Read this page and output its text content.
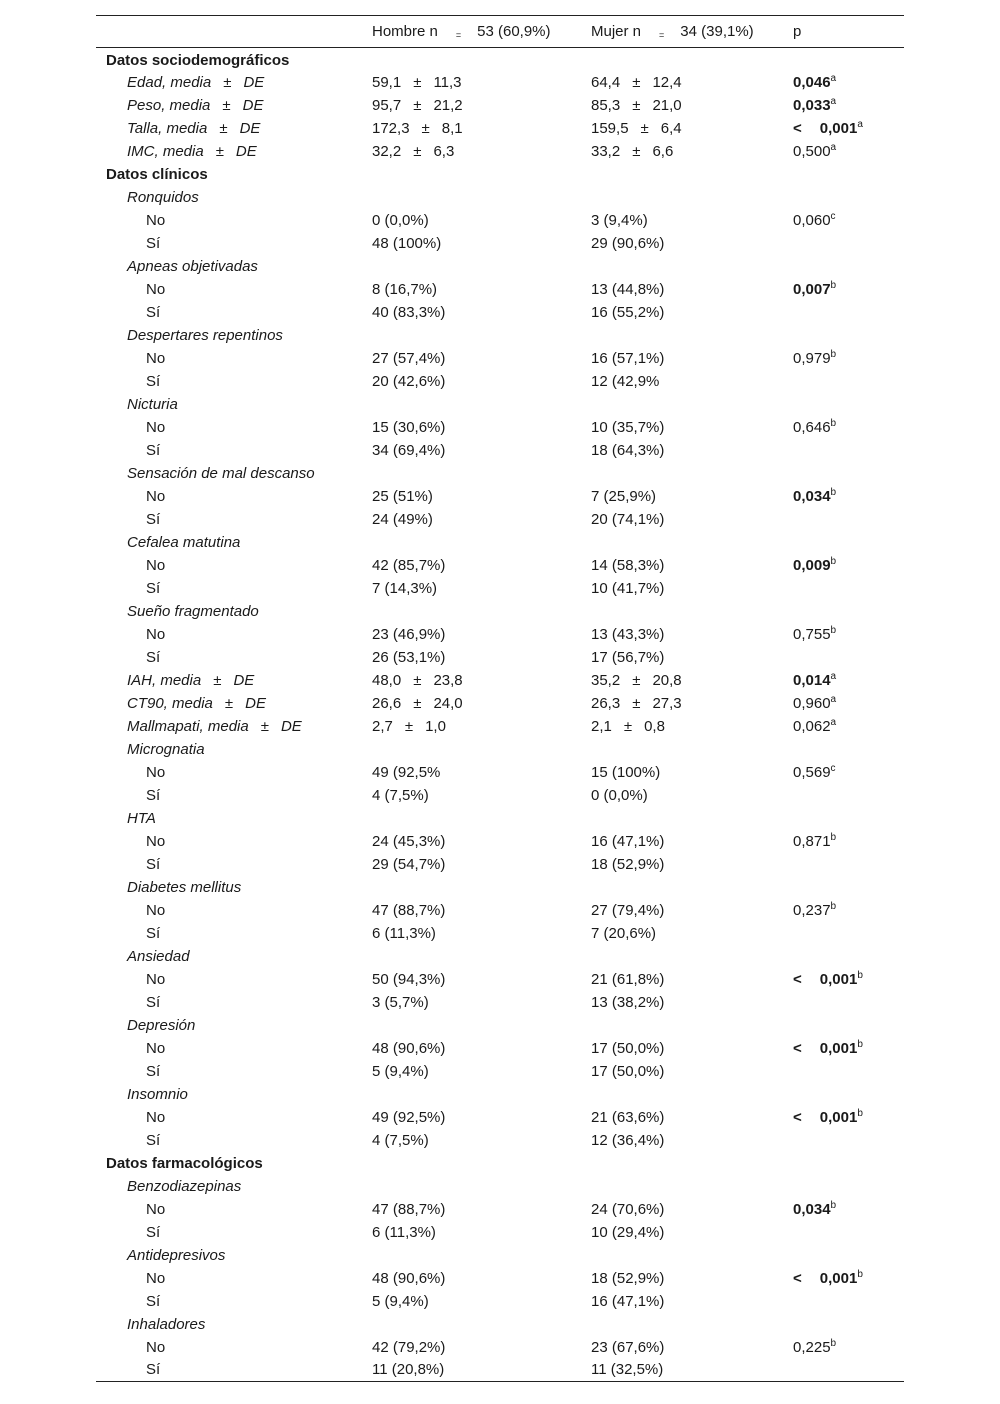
	Hombre n = 53 (60,9%)	Mujer n = 34 (39,1%)	p
Datos sociodemográficos			
Edad, media ± DE	59,1 ± 11,3	64,4 ± 12,4	0,046$^a$
Peso, media ± DE	95,7 ± 21,2	85,3 ± 21,0	0,033$^a$
Talla, media ± DE	172,3 ± 8,1	159,5 ± 6,4	< 0,001$^a$
IMC, media ± DE	32,2 ± 6,3	33,2 ± 6,6	0,500$^a$
Datos clínicos			
Ronquidos			
No	0 (0,0%)	3 (9,4%)	0,060$^c$
Sí	48 (100%)	29 (90,6%)	
Apneas objetivadas			
No	8 (16,7%)	13 (44,8%)	0,007$^b$
Sí	40 (83,3%)	16 (55,2%)	
Despertares repentinos			
No	27 (57,4%)	16 (57,1%)	0,979$^b$
Sí	20 (42,6%)	12 (42,9%	
Nicturia			
No	15 (30,6%)	10 (35,7%)	0,646$^b$
Sí	34 (69,4%)	18 (64,3%)	
Sensación de mal descanso			
No	25 (51%)	7 (25,9%)	0,034$^b$
Sí	24 (49%)	20 (74,1%)	
Cefalea matutina			
No	42 (85,7%)	14 (58,3%)	0,009$^b$
Sí	7 (14,3%)	10 (41,7%)	
Sueño fragmentado			
No	23 (46,9%)	13 (43,3%)	0,755$^b$
Sí	26 (53,1%)	17 (56,7%)	
IAH, media ± DE	48,0 ± 23,8	35,2 ± 20,8	0,014$^a$
CT90, media ± DE	26,6 ± 24,0	26,3 ± 27,3	0,960$^a$
Mallmapati, media ± DE	2,7 ± 1,0	2,1 ± 0,8	0,062$^a$
Micrognatia			
No	49 (92,5%	15 (100%)	0,569$^c$
Sí	4 (7,5%)	0 (0,0%)	
HTA			
No	24 (45,3%)	16 (47,1%)	0,871$^b$
Sí	29 (54,7%)	18 (52,9%)	
Diabetes mellitus			
No	47 (88,7%)	27 (79,4%)	0,237$^b$
Sí	6 (11,3%)	7 (20,6%)	
Ansiedad			
No	50 (94,3%)	21 (61,8%)	< 0,001$^b$
Sí	3 (5,7%)	13 (38,2%)	
Depresión			
No	48 (90,6%)	17 (50,0%)	< 0,001$^b$
Sí	5 (9,4%)	17 (50,0%)	
Insomnio			
No	49 (92,5%)	21 (63,6%)	< 0,001$^b$
Sí	4 (7,5%)	12 (36,4%)	
Datos farmacológicos			
Benzodiazepinas			
No	47 (88,7%)	24 (70,6%)	0,034$^b$
Sí	6 (11,3%)	10 (29,4%)	
Antidepresivos			
No	48 (90,6%)	18 (52,9%)	< 0,001$^b$
Sí	5 (9,4%)	16 (47,1%)	
Inhaladores			
No	42 (79,2%)	23 (67,6%)	0,225$^b$
Sí	11 (20,8%)	11 (32,5%)	
